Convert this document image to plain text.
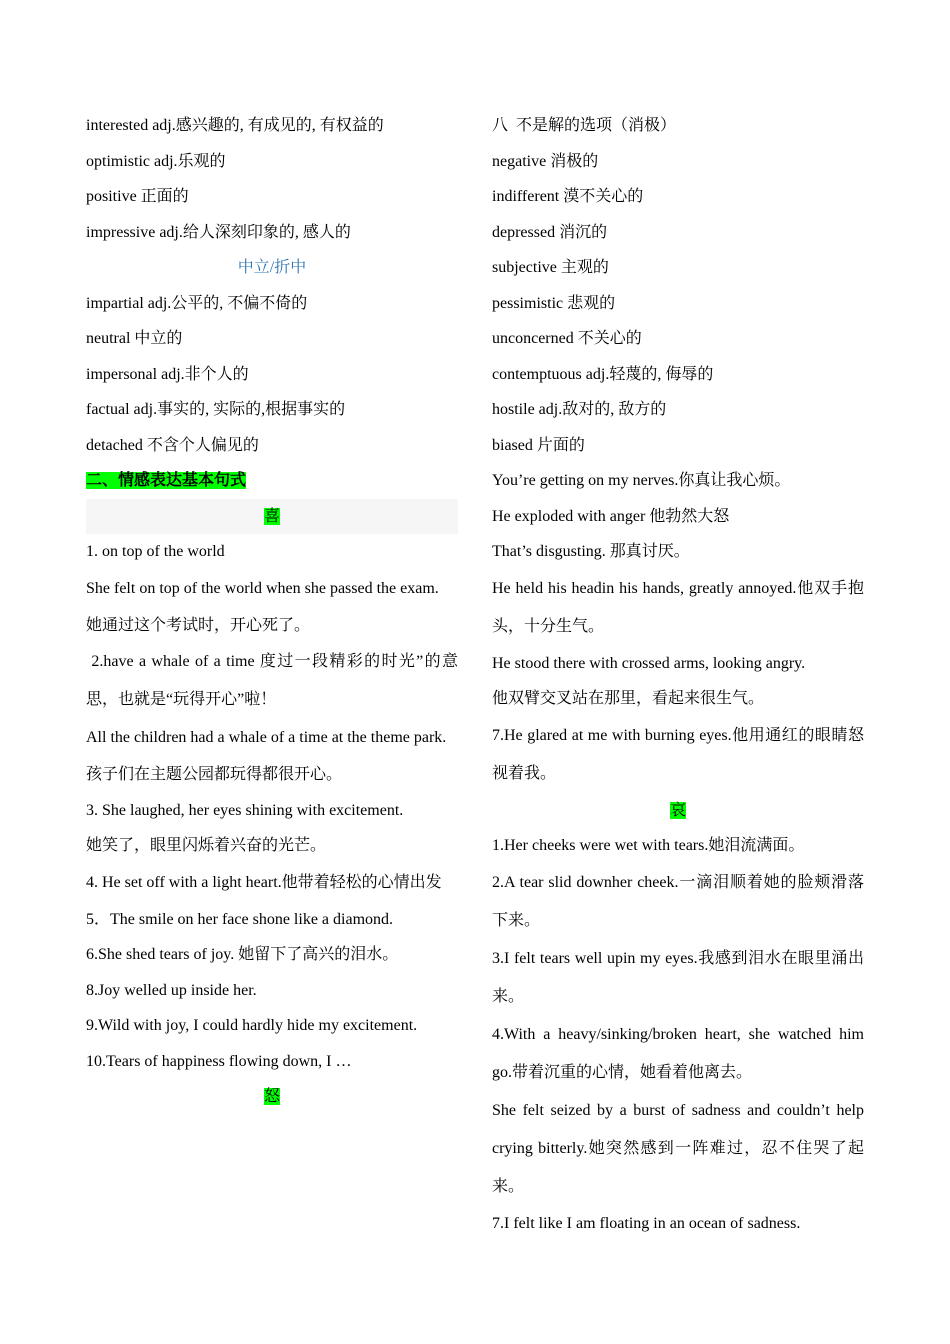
interested adj.感兴趣的, 有成见的, 有权益的
optimistic adj.乐观的
positive 正面的
impressive adj.给人深刻印象的, 感人的
中立/折中
impartial adj.公平的, 不偏不倚的
neutral 中立的
impersonal adj.非个人的
factual adj.事实的, 实际的,根据事实的
detached 不含个人偏见的
二、情感表达基本句式
喜
1. on top of the world
She felt on top of the world when she passed the exam.
她通过这个考试时，开心死了。
2.have a whale of a time 度过一段精彩的时光”的意思，也就是“玩得开心”啦！
All the children had a whale of a time at the theme park.
孩子们在主题公园都玩得都很开心。
3. She laughed, her eyes shining with excitement.
她笑了，眼里闪烁着兴奋的光芒。
4. He set off with a light heart.他带着轻松的心情出发
5．The smile on her face shone like a diamond.
6.She shed tears of joy. 她留下了高兴的泪水。
8.Joy welled up inside her.
9.Wild with joy, I could hardly hide my excitement.
10.Tears of happiness flowing down, I …
怒
八  不是解的选项（消极）
negative 消极的
indifferent 漠不关心的
depressed 消沉的
subjective 主观的
pessimistic 悲观的
unconcerned 不关心的
contemptuous adj.轻蔑的, 侮辱的
hostile adj.敌对的, 敌方的
biased 片面的
You’re getting on my nerves.你真让我心烦。
He exploded with anger 他勃然大怒
That’s disgusting. 那真讨厌。
He held his headin his hands, greatly annoyed.他双手抱头，十分生气。
He stood there with crossed arms, looking angry.
他双臂交叉站在那里，看起来很生气。
7.He glared at me with burning eyes.他用通红的眼睛怒视着我。
哀
1.Her cheeks were wet with tears.她泪流满面。
2.A tear slid downher cheek.一滴泪顺着她的脸颊滑落下来。
3.I felt tears well upin my eyes.我感到泪水在眼里涌出来。
4.With a heavy/sinking/broken heart, she watched him go.带着沉重的心情，她看着他离去。
She felt seized by a burst of sadness and couldn’t help crying bitterly.她突然感到一阵难过，忍不住哭了起来。
7.I felt like I am floating in an ocean of sadness.
